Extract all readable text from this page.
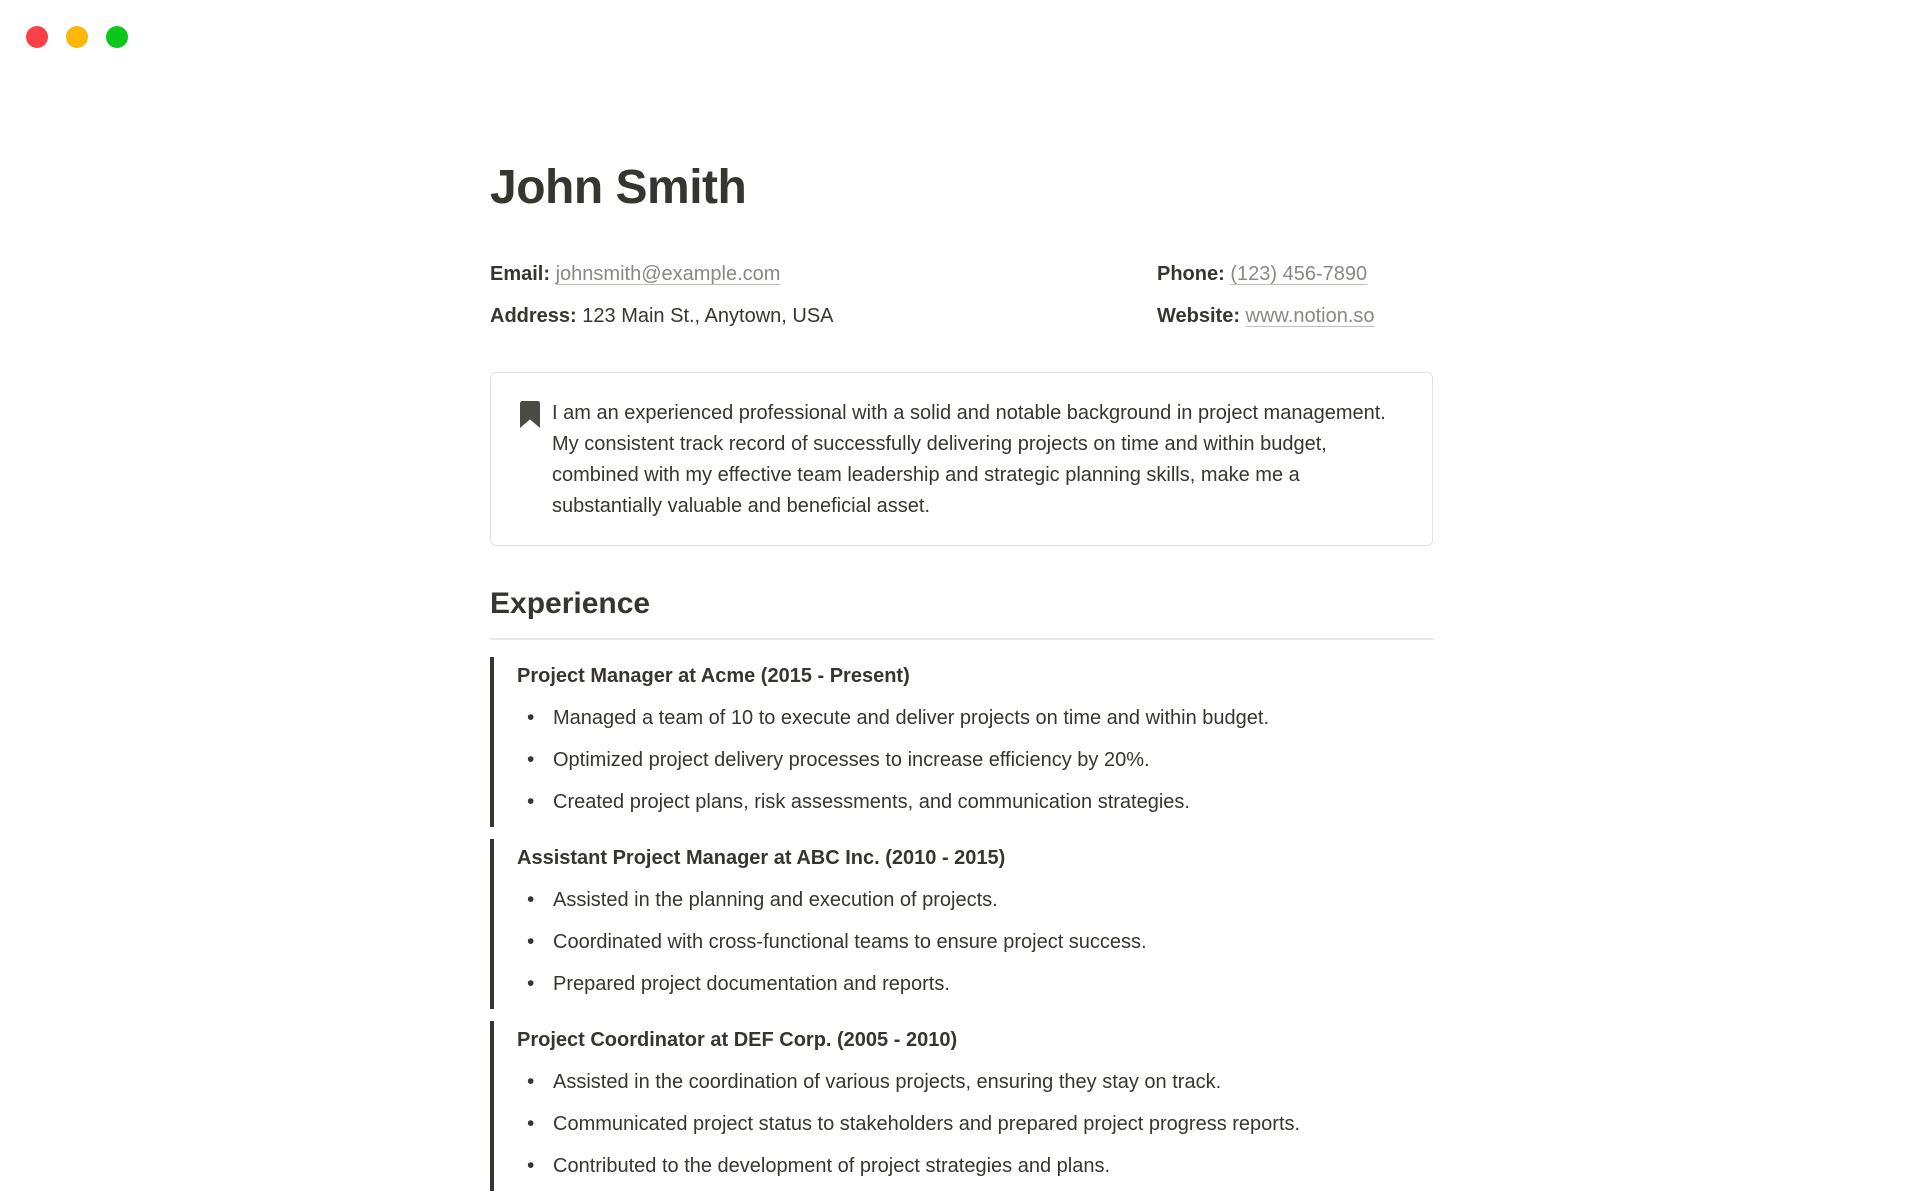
John Smith
Email: johnsmith@example.com
Address: 123 Main St., Anytown, USA
Phone: (123) 456-7890
Website: www.notion.so
I am an experienced professional with a solid and notable background in project management. My consistent track record of successfully delivering projects on time and within budget, combined with my effective team leadership and strategic planning skills, make me a substantially valuable and beneficial asset.
Experience
Project Manager at Acme (2015 - Present)
• Managed a team of 10 to execute and deliver projects on time and within budget.
• Optimized project delivery processes to increase efficiency by 20%.
• Created project plans, risk assessments, and communication strategies.
Assistant Project Manager at ABC Inc. (2010 - 2015)
• Assisted in the planning and execution of projects.
• Coordinated with cross-functional teams to ensure project success.
• Prepared project documentation and reports.
Project Coordinator at DEF Corp. (2005 - 2010)
• Assisted in the coordination of various projects, ensuring they stay on track.
• Communicated project status to stakeholders and prepared project progress reports.
• Contributed to the development of project strategies and plans.
